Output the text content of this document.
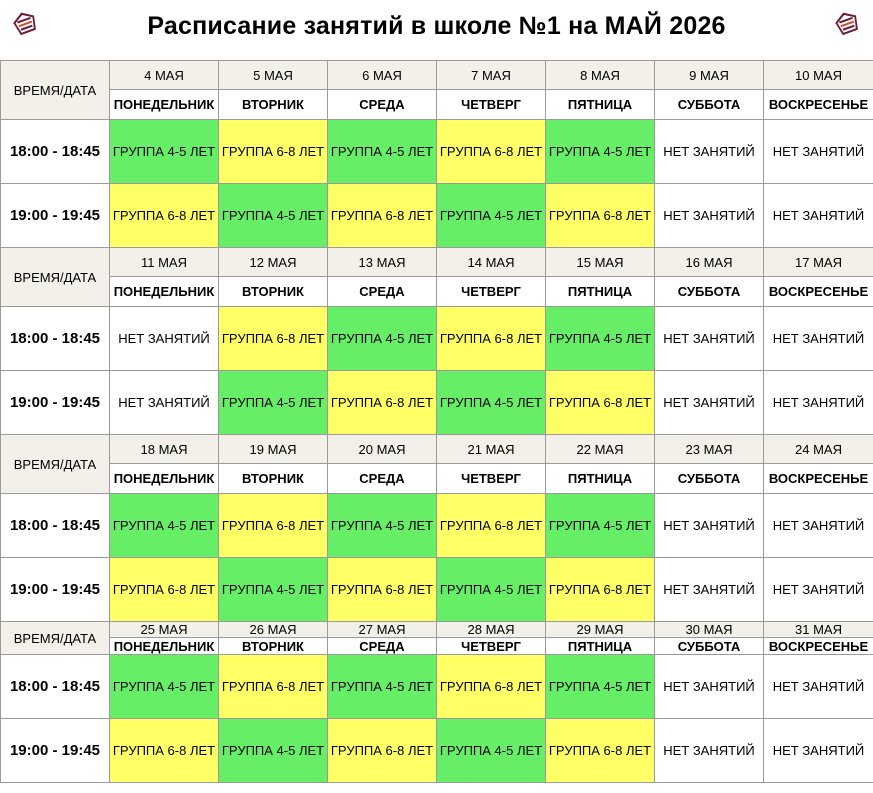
Расписание занятий в школе №1 на МАЙ 2026
ВРЕМЯ/ДАТА	4 МАЯ	5 МАЯ	6 МАЯ	7 МАЯ	8 МАЯ	9 МАЯ	10 МАЯ
	ПОНЕДЕЛЬНИК	ВТОРНИК	СРЕДА	ЧЕТВЕРГ	ПЯТНИЦА	СУББОТА	ВОСКРЕСЕНЬЕ
18:00 - 18:45	ГРУППА 4-5 ЛЕТ	ГРУППА 6-8 ЛЕТ	ГРУППА 4-5 ЛЕТ	ГРУППА 6-8 ЛЕТ	ГРУППА 4-5 ЛЕТ	НЕТ ЗАНЯТИЙ	НЕТ ЗАНЯТИЙ
19:00 - 19:45	ГРУППА 6-8 ЛЕТ	ГРУППА 4-5 ЛЕТ	ГРУППА 6-8 ЛЕТ	ГРУППА 4-5 ЛЕТ	ГРУППА 6-8 ЛЕТ	НЕТ ЗАНЯТИЙ	НЕТ ЗАНЯТИЙ
ВРЕМЯ/ДАТА	11 МАЯ	12 МАЯ	13 МАЯ	14 МАЯ	15 МАЯ	16 МАЯ	17 МАЯ
	ПОНЕДЕЛЬНИК	ВТОРНИК	СРЕДА	ЧЕТВЕРГ	ПЯТНИЦА	СУББОТА	ВОСКРЕСЕНЬЕ
18:00 - 18:45	НЕТ ЗАНЯТИЙ	ГРУППА 6-8 ЛЕТ	ГРУППА 4-5 ЛЕТ	ГРУППА 6-8 ЛЕТ	ГРУППА 4-5 ЛЕТ	НЕТ ЗАНЯТИЙ	НЕТ ЗАНЯТИЙ
19:00 - 19:45	НЕТ ЗАНЯТИЙ	ГРУППА 4-5 ЛЕТ	ГРУППА 6-8 ЛЕТ	ГРУППА 4-5 ЛЕТ	ГРУППА 6-8 ЛЕТ	НЕТ ЗАНЯТИЙ	НЕТ ЗАНЯТИЙ
ВРЕМЯ/ДАТА	18 МАЯ	19 МАЯ	20 МАЯ	21 МАЯ	22 МАЯ	23 МАЯ	24 МАЯ
	ПОНЕДЕЛЬНИК	ВТОРНИК	СРЕДА	ЧЕТВЕРГ	ПЯТНИЦА	СУББОТА	ВОСКРЕСЕНЬЕ
18:00 - 18:45	ГРУППА 4-5 ЛЕТ	ГРУППА 6-8 ЛЕТ	ГРУППА 4-5 ЛЕТ	ГРУППА 6-8 ЛЕТ	ГРУППА 4-5 ЛЕТ	НЕТ ЗАНЯТИЙ	НЕТ ЗАНЯТИЙ
19:00 - 19:45	ГРУППА 6-8 ЛЕТ	ГРУППА 4-5 ЛЕТ	ГРУППА 6-8 ЛЕТ	ГРУППА 4-5 ЛЕТ	ГРУППА 6-8 ЛЕТ	НЕТ ЗАНЯТИЙ	НЕТ ЗАНЯТИЙ
ВРЕМЯ/ДАТА	25 МАЯ	26 МАЯ	27 МАЯ	28 МАЯ	29 МАЯ	30 МАЯ	31 МАЯ
	ПОНЕДЕЛЬНИК	ВТОРНИК	СРЕДА	ЧЕТВЕРГ	ПЯТНИЦА	СУББОТА	ВОСКРЕСЕНЬЕ
18:00 - 18:45	ГРУППА 4-5 ЛЕТ	ГРУППА 6-8 ЛЕТ	ГРУППА 4-5 ЛЕТ	ГРУППА 6-8 ЛЕТ	ГРУППА 4-5 ЛЕТ	НЕТ ЗАНЯТИЙ	НЕТ ЗАНЯТИЙ
19:00 - 19:45	ГРУППА 6-8 ЛЕТ	ГРУППА 4-5 ЛЕТ	ГРУППА 6-8 ЛЕТ	ГРУППА 4-5 ЛЕТ	ГРУППА 6-8 ЛЕТ	НЕТ ЗАНЯТИЙ	НЕТ ЗАНЯТИЙ
